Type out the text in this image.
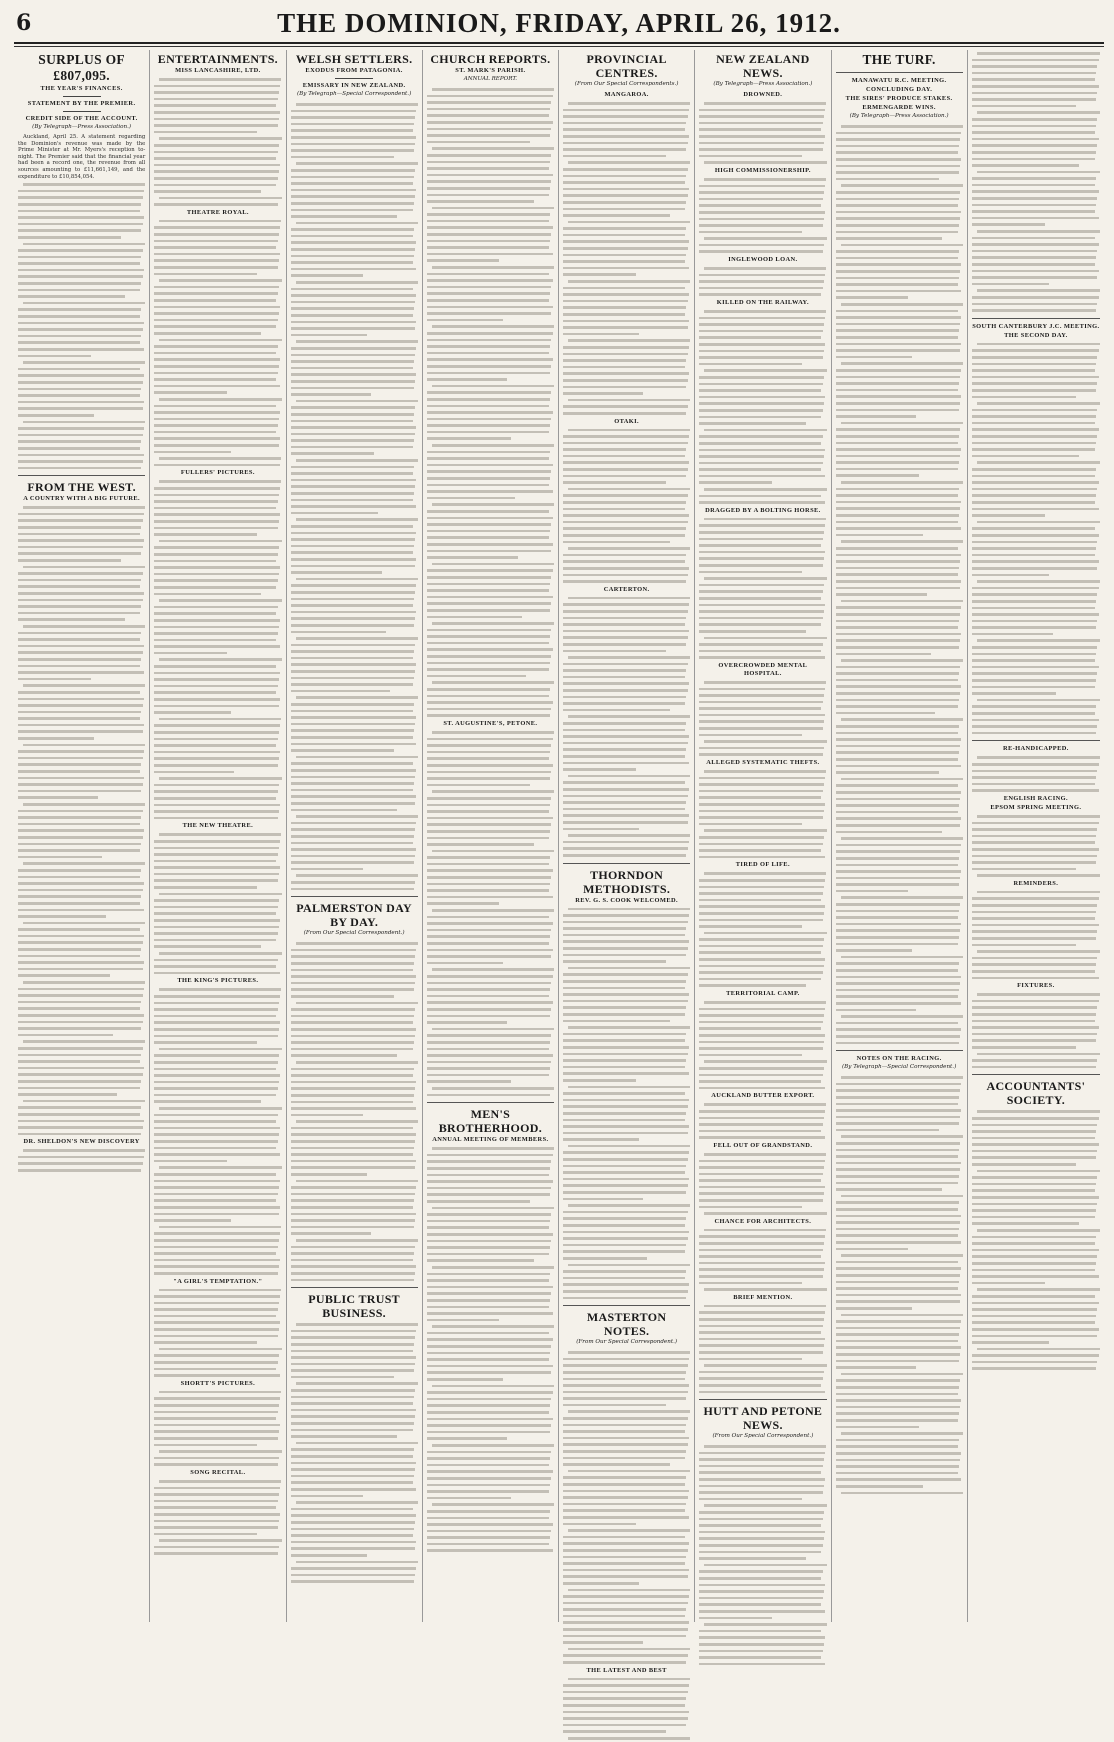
6	THE DOMINION, FRIDAY, APRIL 26, 1912.
SURPLUS OF £807,095.
THE YEAR'S FINANCES.
STATEMENT BY THE PREMIER.
CREDIT SIDE OF THE ACCOUNT.
(By Telegraph—Press Association.)

Auckland, April 25. A statement regarding the Dominion's revenue was made by the Prime Minister at Mr. Myers's reception to-night. The Premier said that the financial year had been a record one, the revenue from all sources amounting to £11,661,149, and the expenditure to £10,854,054.

FROM THE WEST.
A COUNTRY WITH A BIG FUTURE.
DR. SHELDON'S NEW DISCOVERY
ENTERTAINMENTS.
MISS LANCASHIRE, LTD.
THEATRE ROYAL.
FULLERS' PICTURES.
THE NEW THEATRE.
THE KING'S PICTURES.
"A GIRL'S TEMPTATION."
SHORTT'S PICTURES.
SONG RECITAL.
WELSH SETTLERS.
EXODUS FROM PATAGONIA.
EMISSARY IN NEW ZEALAND.
(By Telegraph—Special Correspondent.)
PALMERSTON DAY BY DAY.
(From Our Special Correspondent.)
PUBLIC TRUST BUSINESS.
CHURCH REPORTS.
ST. MARK'S PARISH.
ANNUAL REPORT.
ST. AUGUSTINE'S, PETONE.
MEN'S BROTHERHOOD.
ANNUAL MEETING OF MEMBERS.
PROVINCIAL CENTRES.
(From Our Special Correspondents.)
MANGAROA.
OTAKI.
CARTERTON.
THORNDON METHODISTS.
REV. G. S. COOK WELCOMED.
MASTERTON NOTES.
(From Our Special Correspondent.)
THE LATEST AND BEST
NEW ZEALAND NEWS.
(By Telegraph—Press Association.)
DROWNED.
HIGH COMMISSIONERSHIP.
INGLEWOOD LOAN.
KILLED ON THE RAILWAY.
DRAGGED BY A BOLTING HORSE.
OVERCROWDED MENTAL HOSPITAL.
ALLEGED SYSTEMATIC THEFTS.
TIRED OF LIFE.
TERRITORIAL CAMP.
AUCKLAND BUTTER EXPORT.
FELL OUT OF GRANDSTAND.
CHANCE FOR ARCHITECTS.
BRIEF MENTION.
HUTT AND PETONE NEWS.
(From Our Special Correspondent.)
THE TURF.
MANAWATU R.C. MEETING.
CONCLUDING DAY.
THE SIRES' PRODUCE STAKES.
ERMENGARDE WINS.
(By Telegraph—Press Association.)
NOTES ON THE RACING.
(By Telegraph—Special Correspondent.)
SOUTH CANTERBURY J.C. MEETING.
THE SECOND DAY.
RE-HANDICAPPED.
ENGLISH RACING.
EPSOM SPRING MEETING.
REMINDERS.
FIXTURES.
ACCOUNTANTS' SOCIETY.
